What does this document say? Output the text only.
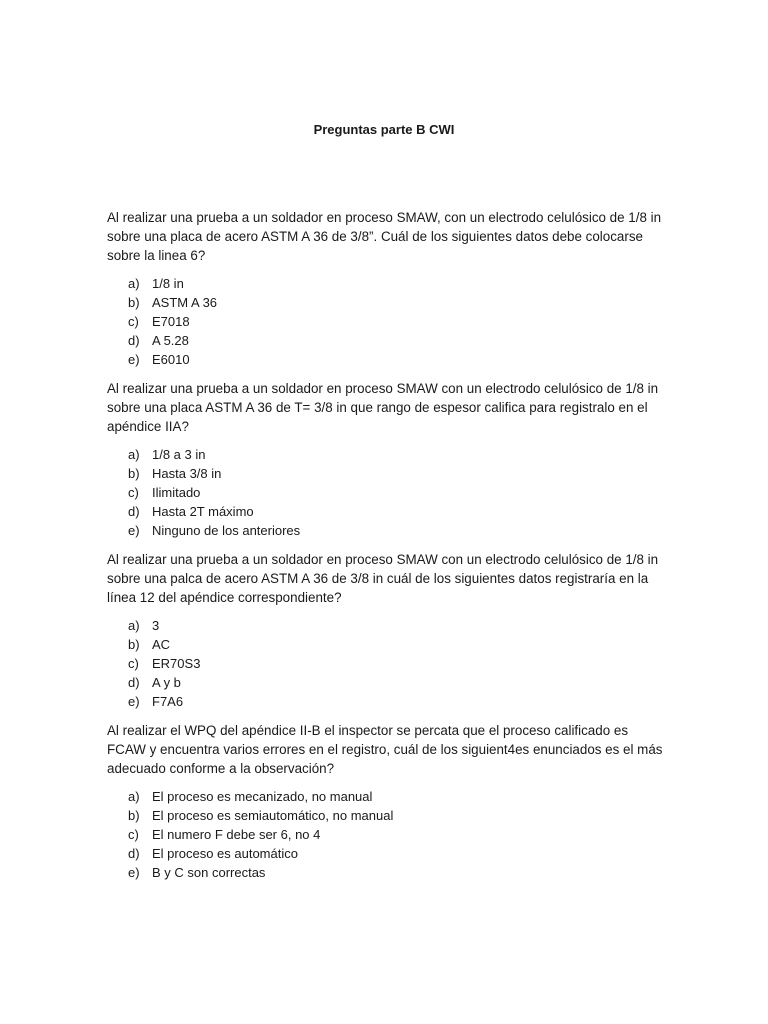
Preguntas parte B CWI

Al realizar una prueba a un soldador en proceso SMAW, con un electrodo celulósico de 1/8 in sobre una placa de acero ASTM A 36 de 3/8”. Cuál de los siguientes datos debe colocarse sobre la linea 6?

a) 1/8 in
b) ASTM A 36
c)	E7018
d) A 5.28
e) E6010

Al realizar una prueba a un soldador en proceso SMAW con un electrodo celulósico de 1/8 in sobre una placa ASTM A 36 de T= 3/8 in que rango de espesor califica para registralo en el apéndice IIA?

a) 1/8 a 3 in
b) Hasta 3/8 in
c)	Ilimitado
d) Hasta 2T máximo
e) Ninguno de los anteriores

Al realizar una prueba a un soldador en proceso SMAW con un electrodo celulósico de 1/8 in sobre una palca de acero ASTM A 36 de 3/8 in cuál de los siguientes datos registraría en la línea 12 del apéndice correspondiente?

a) 3
b) AC
c)	ER70S3
d) A y b
e) F7A6

Al realizar el WPQ del apéndice II-B el inspector se percata que el proceso calificado es FCAW y encuentra varios errores en el registro, cuál de los siguient4es enunciados es el más adecuado conforme a la observación?

a) El proceso es mecanizado, no manual
b) El proceso es semiautomático, no manual
c)	El numero F debe ser 6, no 4
d) El proceso es automático
e) B y C son correctas
